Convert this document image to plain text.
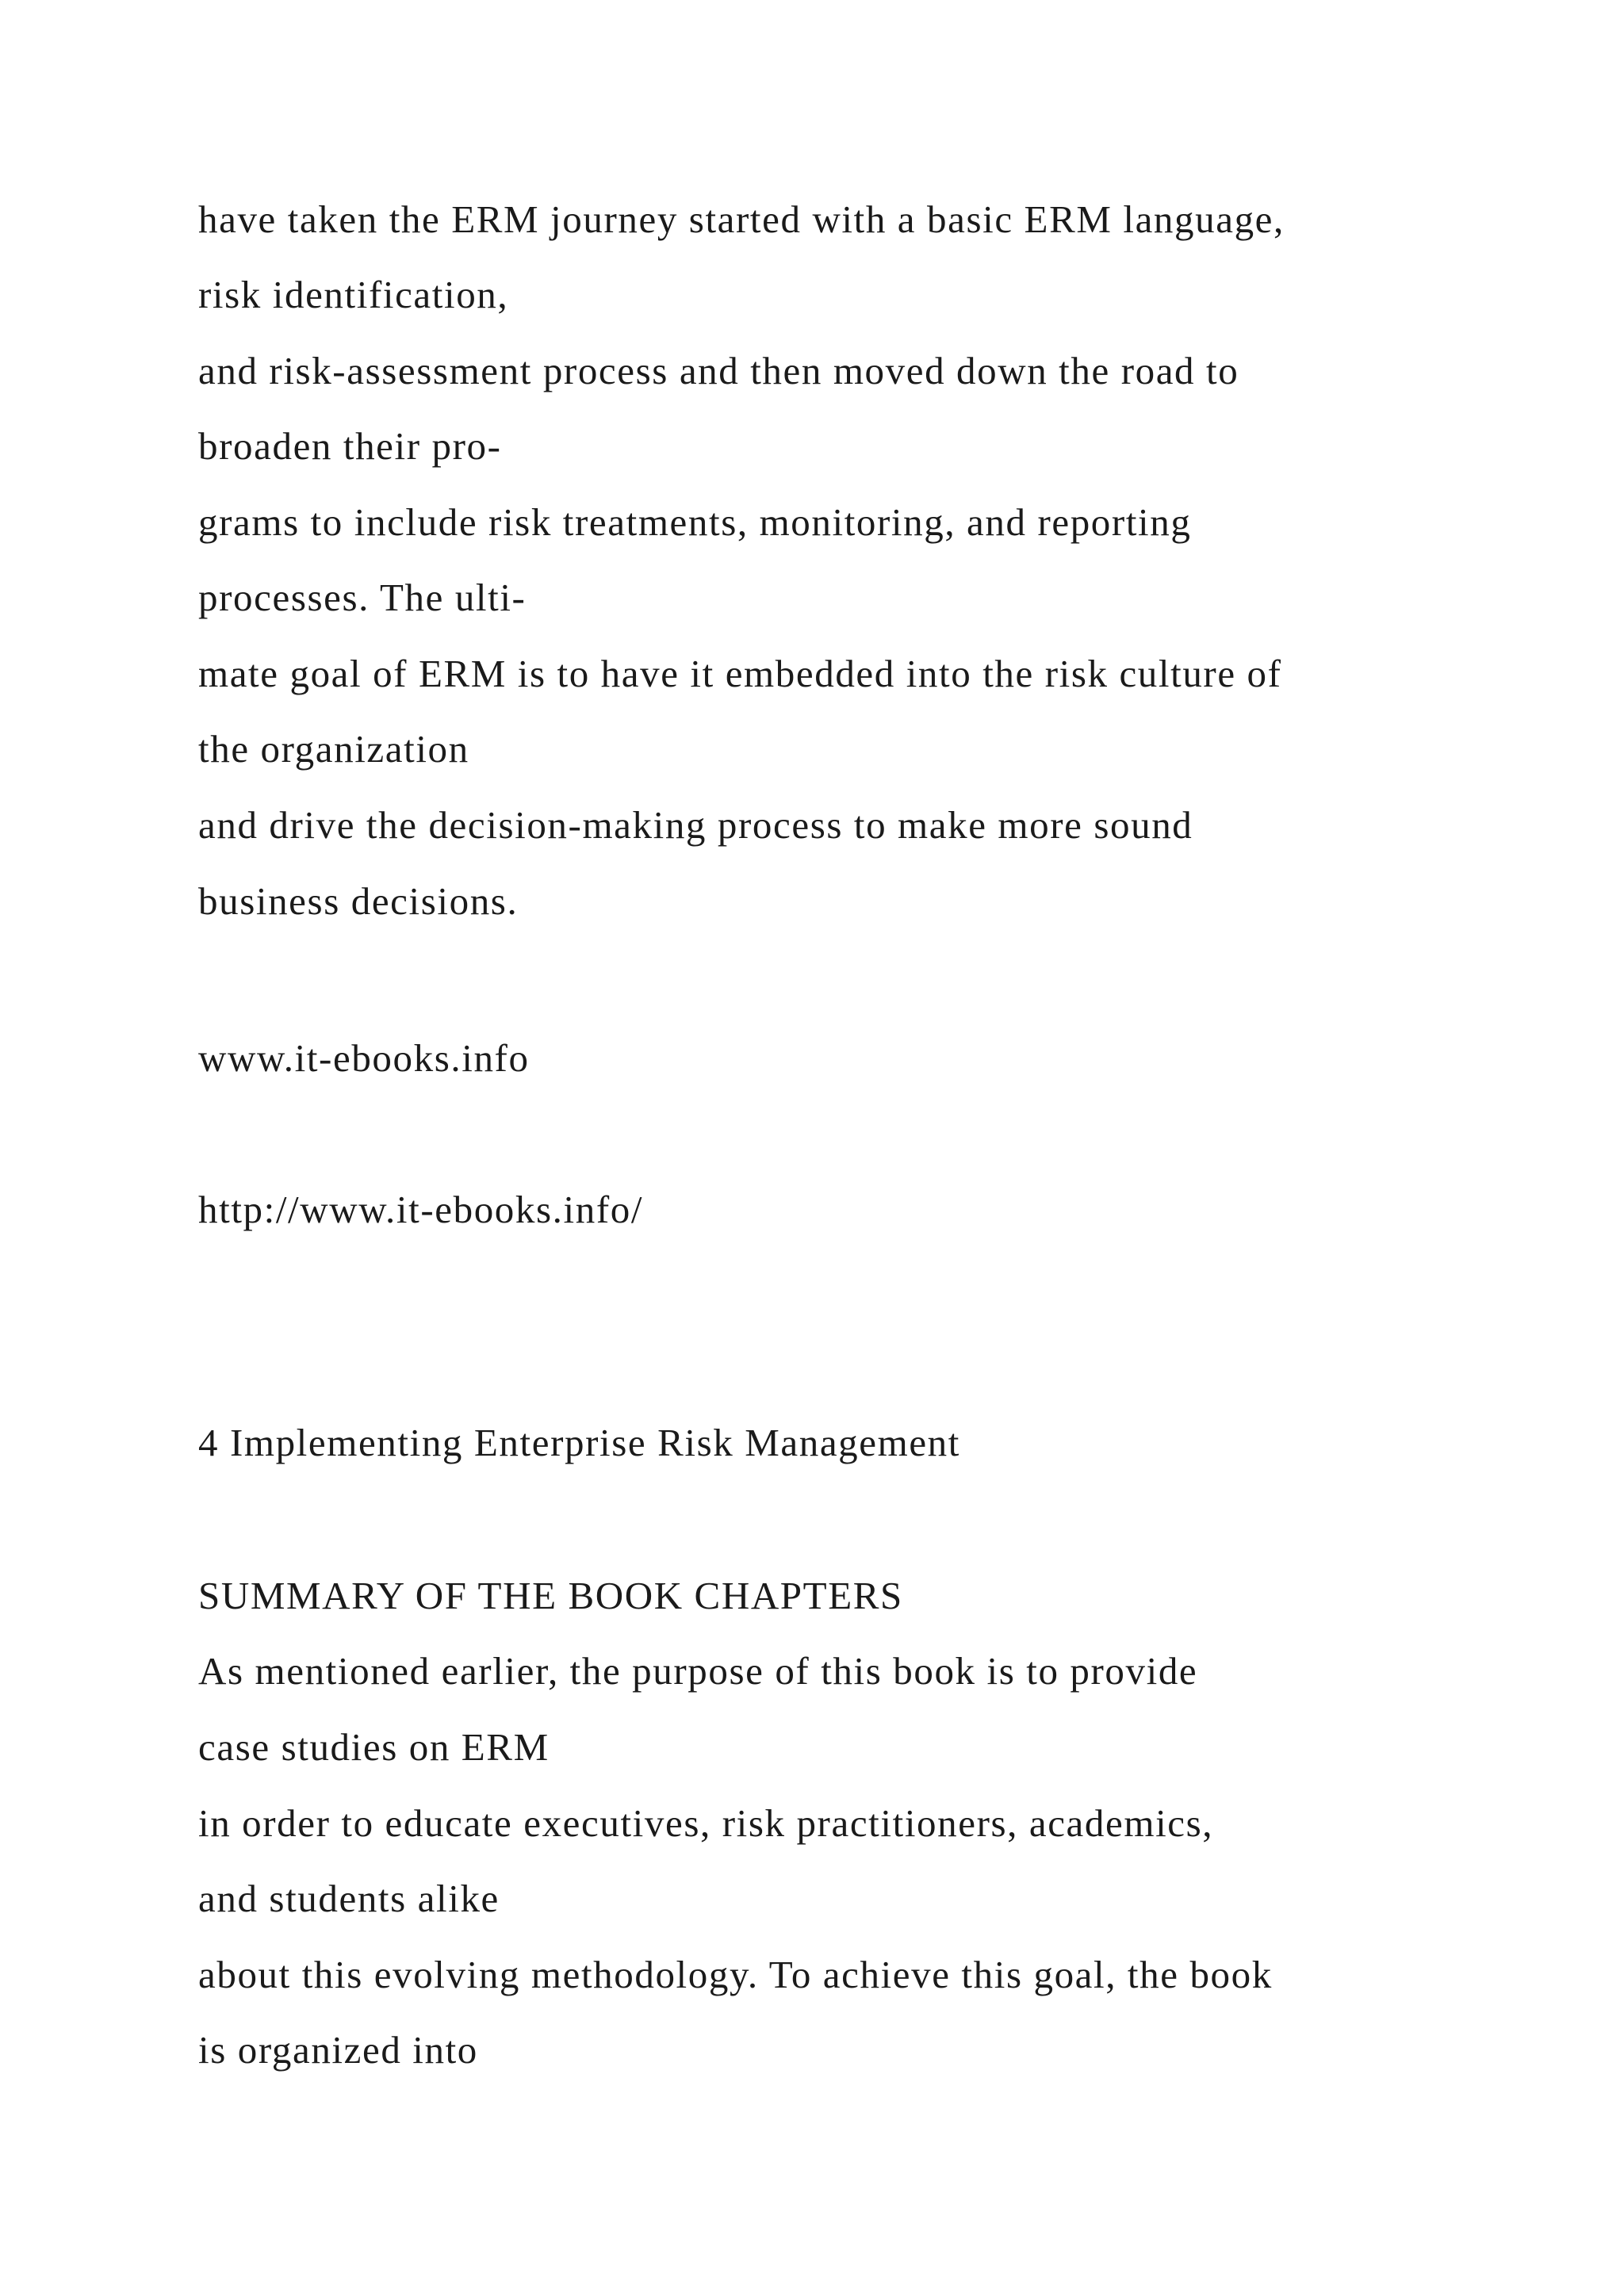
have taken the ERM journey started with a basic ERM language,

risk identification,

and risk-assessment process and then moved down the road to

broaden their pro-

grams to include risk treatments, monitoring, and reporting

processes. The ulti-

mate goal of ERM is to have it embedded into the risk culture of

the organization

and drive the decision-making process to make more sound

business decisions.

www.it-ebooks.info

http://www.it-ebooks.info/

4 Implementing Enterprise Risk Management

SUMMARY OF THE BOOK CHAPTERS

As mentioned earlier, the purpose of this book is to provide

case studies on ERM

in order to educate executives, risk practitioners, academics,

and students alike

about this evolving methodology. To achieve this goal, the book

is organized into
